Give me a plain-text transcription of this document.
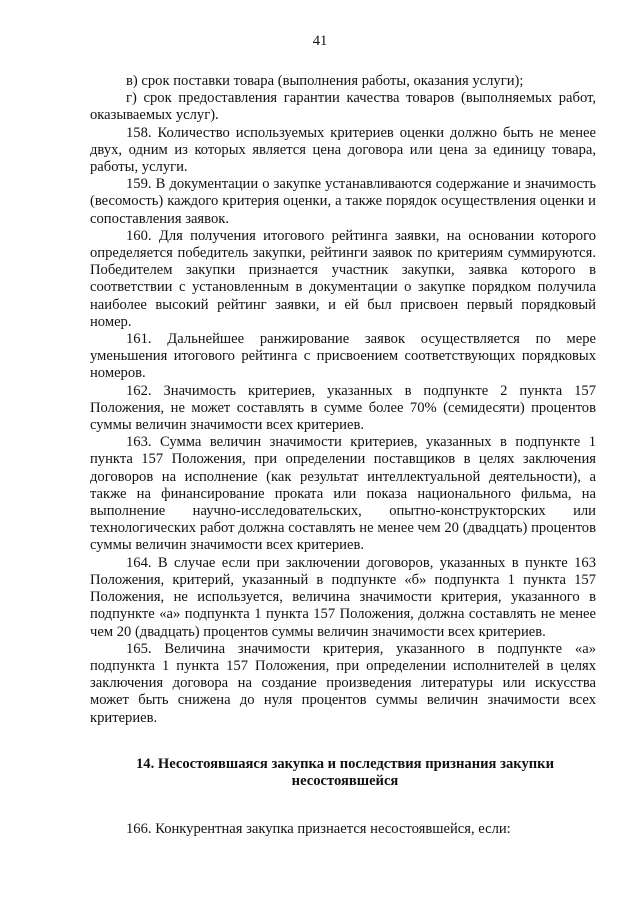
41

в) срок поставки товара (выполнения работы, оказания услуги);

г) срок предоставления гарантии качества товаров (выполняемых работ, оказываемых услуг).

158. Количество используемых критериев оценки должно быть не менее двух, одним из которых является цена договора или цена за единицу товара, работы, услуги.

159. В документации о закупке устанавливаются содержание и значимость (весомость) каждого критерия оценки, а также порядок осуществления оценки и сопоставления заявок.

160. Для получения итогового рейтинга заявки, на основании которого определяется победитель закупки, рейтинги заявок по критериям суммируются. Победителем закупки признается участник закупки, заявка которого в соответствии с установленным в документации о закупке порядком получила наиболее высокий рейтинг заявки, и ей был присвоен первый порядковый номер.

161. Дальнейшее ранжирование заявок осуществляется по мере уменьшения итогового рейтинга с присвоением соответствующих порядковых номеров.

162. Значимость критериев, указанных в подпункте 2 пункта 157 Положения, не может составлять в сумме более 70% (семидесяти) процентов суммы величин значимости всех критериев.

163. Сумма величин значимости критериев, указанных в подпункте 1 пункта 157 Положения, при определении поставщиков в целях заключения договоров на исполнение (как результат интеллектуальной деятельности), а также на финансирование проката или показа национального фильма, на выполнение научно-исследовательских, опытно-конструкторских или технологических работ должна составлять не менее чем 20 (двадцать) процентов суммы величин значимости всех критериев.

164. В случае если при заключении договоров, указанных в пункте 163 Положения, критерий, указанный в подпункте «б» подпункта 1 пункта 157 Положения, не используется, величина значимости критерия, указанного в подпункте «а» подпункта 1 пункта 157 Положения, должна составлять не менее чем 20 (двадцать) процентов суммы величин значимости всех критериев.

165. Величина значимости критерия, указанного в подпункте «а» подпункта 1 пункта 157 Положения, при определении исполнителей в целях заключения договора на создание произведения литературы или искусства может быть снижена до нуля процентов суммы величин значимости всех критериев.

14. Несостоявшаяся закупка и последствия признания закупки
несостоявшейся

166. Конкурентная закупка признается несостоявшейся, если:
